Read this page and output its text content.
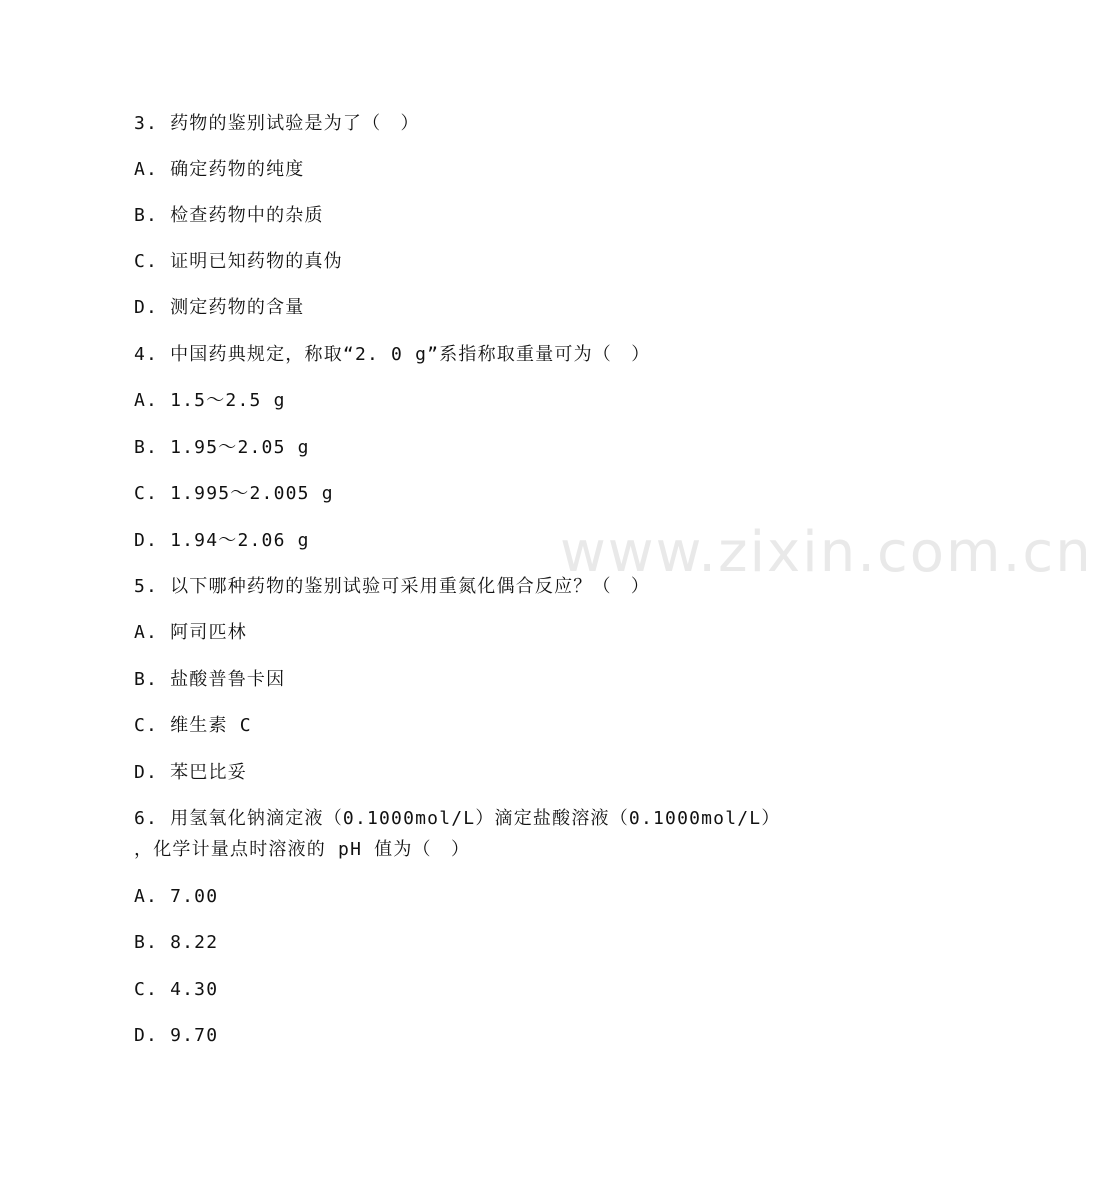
www.zixin.com.cn
3. 药物的鉴别试验是为了（　）
A. 确定药物的纯度
B. 检查药物中的杂质
C. 证明已知药物的真伪
D. 测定药物的含量
4. 中国药典规定，称取“2. 0 g”系指称取重量可为（　）
A. 1.5～2.5 g
B. 1.95～2.05 g
C. 1.995～2.005 g
D. 1.94～2.06 g
5. 以下哪种药物的鉴别试验可采用重氮化偶合反应？（　）
A. 阿司匹林
B. 盐酸普鲁卡因
C. 维生素 C
D. 苯巴比妥
6. 用氢氧化钠滴定液（0.1000mol/L）滴定盐酸溶液（0.1000mol/L）
，化学计量点时溶液的 pH 值为（　）
A. 7.00
B. 8.22
C. 4.30
D. 9.70
